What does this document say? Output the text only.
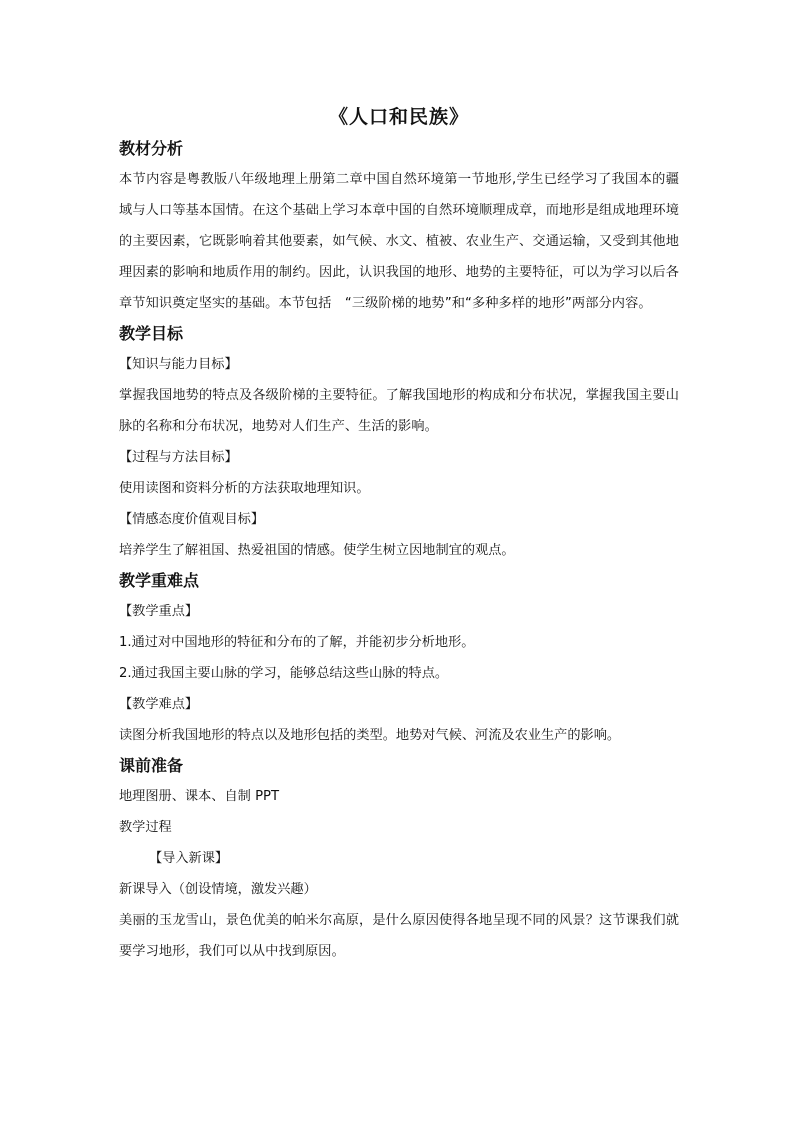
《人口和民族》
教材分析

本节内容是粤教版八年级地理上册第二章中国自然环境第一节地形,学生已经学习了我国本的疆域与人口等基本国情。在这个基础上学习本章中国的自然环境顺理成章，而地形是组成地理环境的主要因素，它既影响着其他要素，如气候、水文、植被、农业生产、交通运输，又受到其他地理因素的影响和地质作用的制约。因此，认识我国的地形、地势的主要特征，可以为学习以后各章节知识奠定坚实的基础。本节包括　“三级阶梯的地势”和“多种多样的地形”两部分内容。

教学目标
【知识与能力目标】

掌握我国地势的特点及各级阶梯的主要特征。了解我国地形的构成和分布状况，掌握我国主要山脉的名称和分布状况，地势对人们生产、生活的影响。

【过程与方法目标】
使用读图和资料分析的方法获取地理知识。
【情感态度价值观目标】
培养学生了解祖国、热爱祖国的情感。使学生树立因地制宜的观点。
教学重难点
【教学重点】
1.通过对中国地形的特征和分布的了解，并能初步分析地形。
2.通过我国主要山脉的学习，能够总结这些山脉的特点。
【教学难点】
读图分析我国地形的特点以及地形包括的类型。地势对气候、河流及农业生产的影响。
课前准备
地理图册、课本、自制 PPT
教学过程
【导入新课】
新课导入（创设情境，激发兴趣）

美丽的玉龙雪山，景色优美的帕米尔高原，是什么原因使得各地呈现不同的风景？这节课我们就要学习地形，我们可以从中找到原因。
